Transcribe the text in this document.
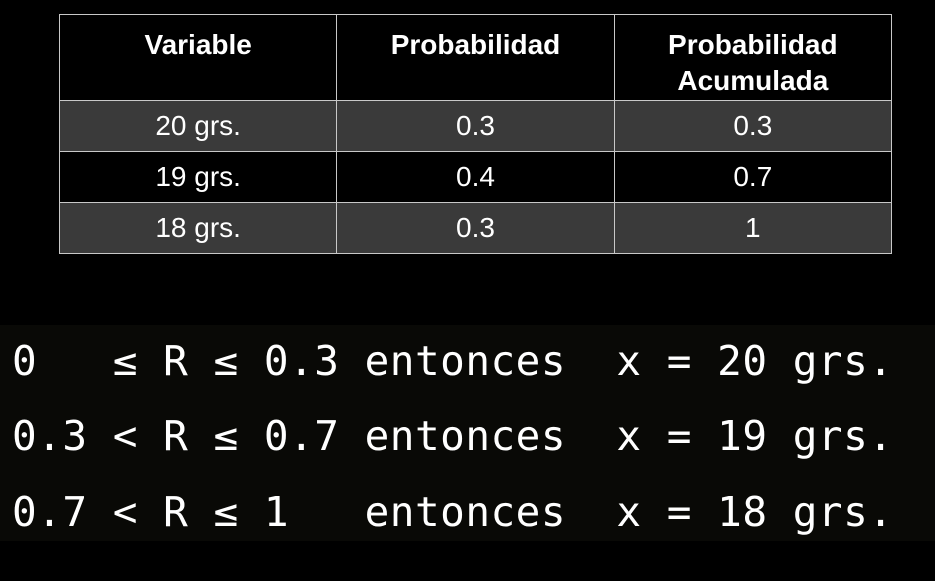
Variable	Probabilidad	Probabilidad
Acumulada
20 grs.	0.3	0.3
19 grs.	0.4	0.7
18 grs.	0.3	1
0   ≤ R ≤ 0.3 entonces  x = 20 grs.
0.3 < R ≤ 0.7 entonces  x = 19 grs.
0.7 < R ≤ 1   entonces  x = 18 grs.
